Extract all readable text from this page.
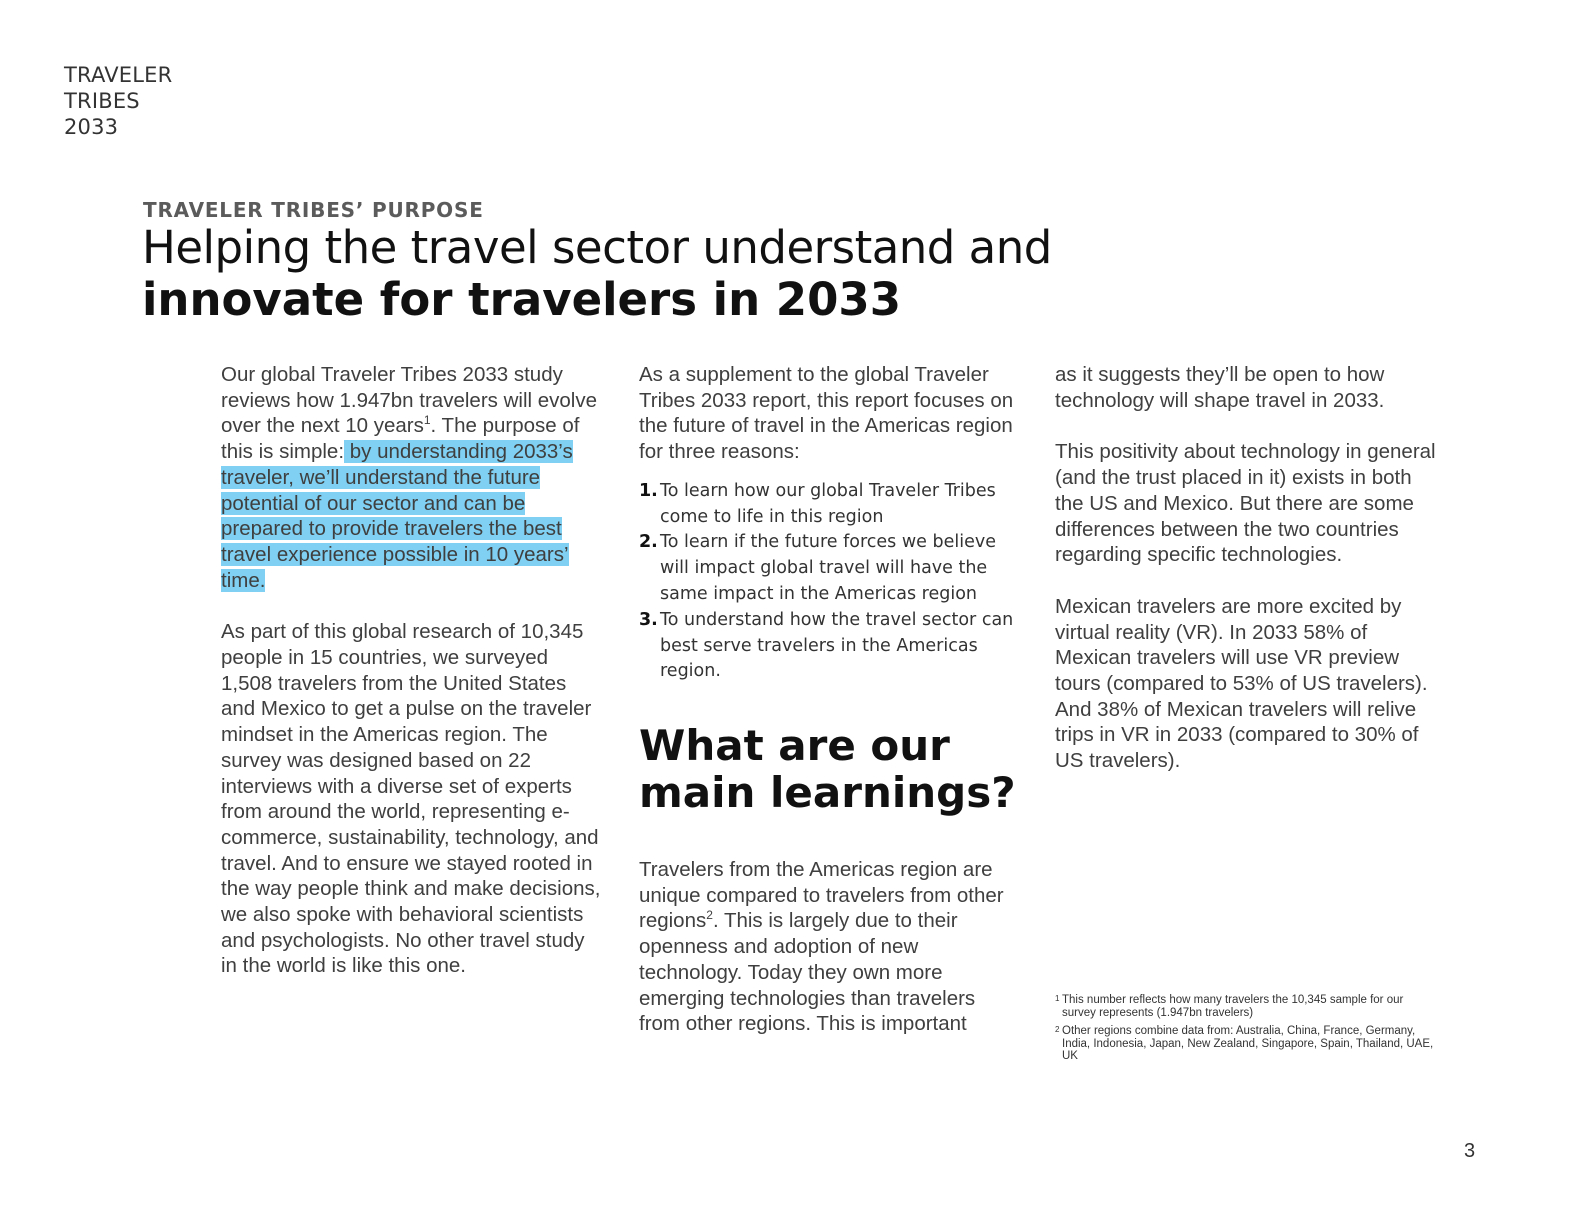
TRAVELER
TRIBES
2033
TRAVELER TRIBES’ PURPOSE
Helping the travel sector understand and
innovate for travelers in 2033

Our global Traveler Tribes 2033 study reviews how 1.947bn travelers will evolve over the next 10 years$^1$. The purpose of this is simple: by understanding 2033’s traveler, we’ll understand the future potential of our sector and can be prepared to provide travelers the best travel experience possible in 10 years’ time.

As part of this global research of 10,345 people in 15 countries, we surveyed 1,508 travelers from the United States and Mexico to get a pulse on the traveler mindset in the Americas region. The survey was designed based on 22 interviews with a diverse set of experts from around the world, representing e-commerce, sustainability, technology, and travel. And to ensure we stayed rooted in the way people think and make decisions, we also spoke with behavioral scientists and psychologists. No other travel study in the world is like this one.

As a supplement to the global Traveler Tribes 2033 report, this report focuses on the future of travel in the Americas region for three reasons:

1. To learn how our global Traveler Tribes come to life in this region
2. To learn if the future forces we believe will impact global travel will have the same impact in the Americas region
3. To understand how the travel sector can best serve travelers in the Americas region.
What are our
main learnings?

Travelers from the Americas region are unique compared to travelers from other regions$^2$. This is largely due to their openness and adoption of new technology. Today they own more emerging technologies than travelers from other regions. This is important

as it suggests they’ll be open to how technology will shape travel in 2033.

This positivity about technology in general (and the trust placed in it) exists in both the US and Mexico. But there are some differences between the two countries regarding specific technologies.

Mexican travelers are more excited by virtual reality (VR). In 2033 58% of Mexican travelers will use VR preview tours (compared to 53% of US travelers). And 38% of Mexican travelers will relive trips in VR in 2033 (compared to 30% of US travelers).

1 This number reflects how many travelers the 10,345 sample for our survey represents (1.947bn travelers)
2 Other regions combine data from: Australia, China, France, Germany, India, Indonesia, Japan, New Zealand, Singapore, Spain, Thailand, UAE, UK
3
